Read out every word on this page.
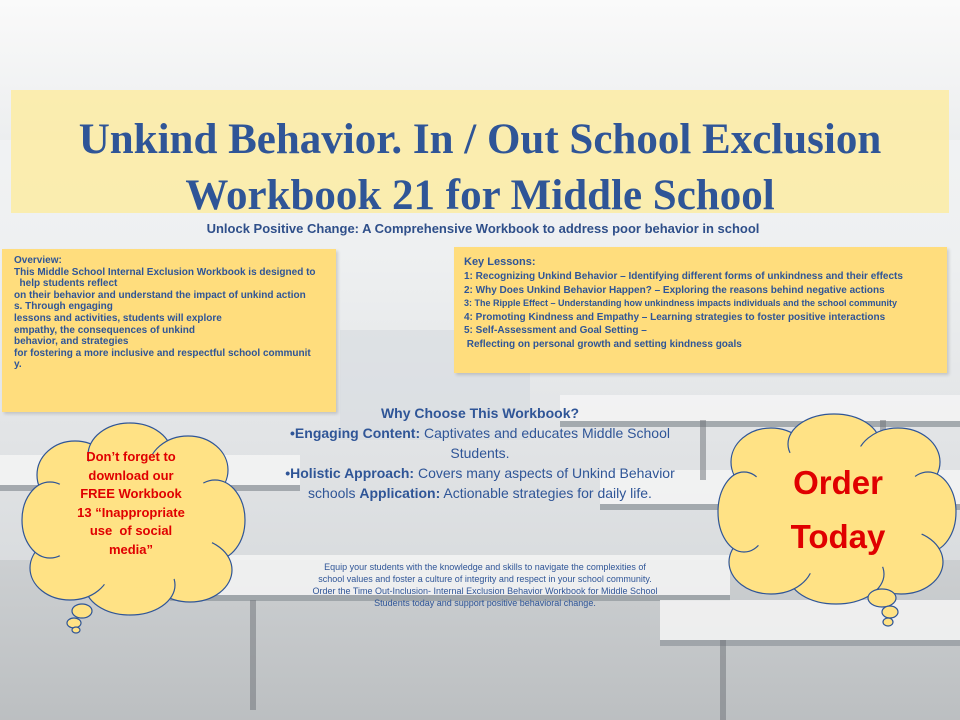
Unkind Behavior. In / Out School Exclusion
Workbook 21 for Middle School
Unlock Positive Change: A Comprehensive Workbook to address poor behavior in school
Overview:
This Middle School Internal Exclusion Workbook is designed to
help students reflect
on their behavior and understand the impact of unkind action
s. Through engaging
lessons and activities, students will explore
empathy, the consequences of unkind
behavior, and strategies
for fostering a more inclusive and respectful school communit
y.
Key Lessons:
1: Recognizing Unkind Behavior – Identifying different forms of unkindness and their effects
2: Why Does Unkind Behavior Happen? – Exploring the reasons behind negative actions
3: The Ripple Effect – Understanding how unkindness impacts individuals and the school community
4: Promoting Kindness and Empathy – Learning strategies to foster positive interactions
5: Self-Assessment and Goal Setting –
Reflecting on personal growth and setting kindness goals
Why Choose This Workbook?
•Engaging Content: Captivates and educates Middle School
Students.
•Holistic Approach: Covers many aspects of Unkind Behavior
schools Application: Actionable strategies for daily life.
Equip your students with the knowledge and skills to navigate the complexities of
school values and foster a culture of integrity and respect in your school community.
Order the Time Out-Inclusion- Internal Exclusion Behavior Workbook for Middle School
Students today and support positive behavioral change.
Don’t forget to
download our
FREE Workbook
13 “Inappropriate
use  of social
media”
Order
Today
